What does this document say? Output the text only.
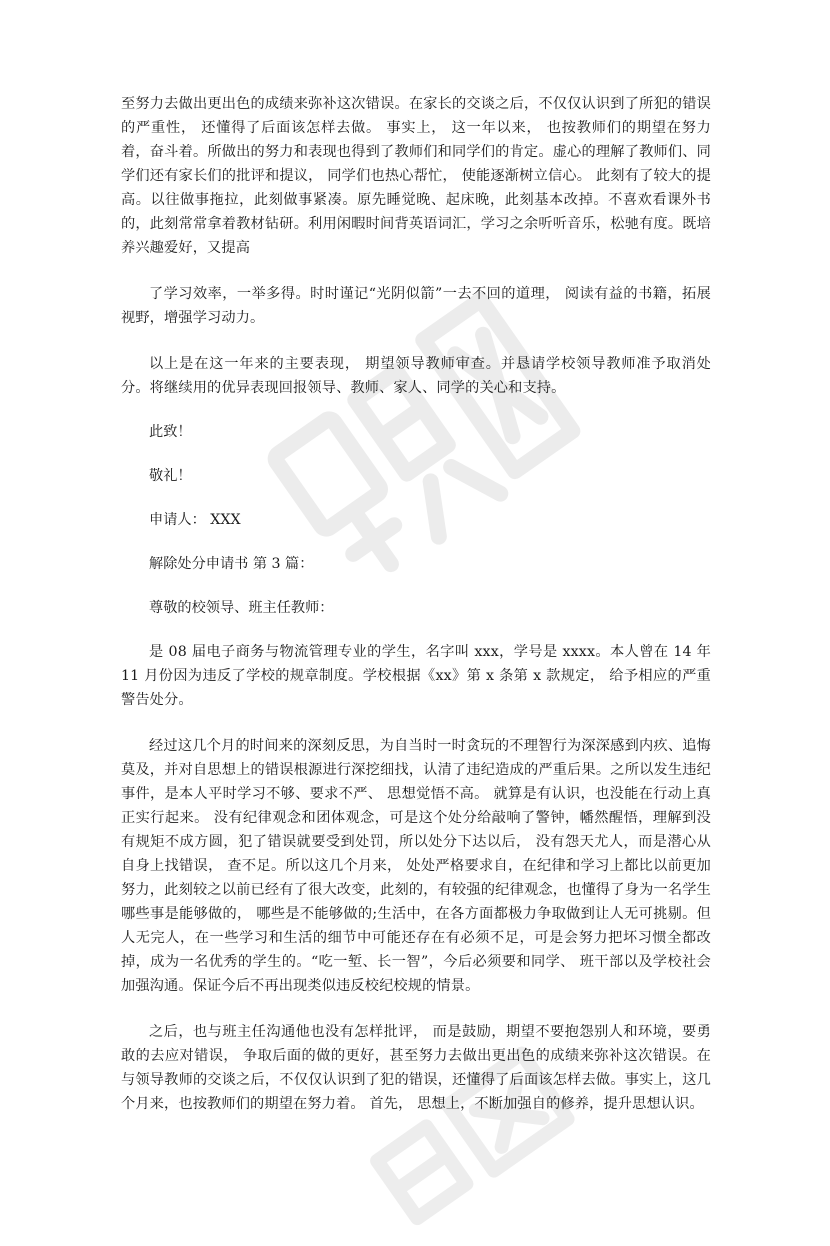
至努力去做出更出色的成绩来弥补这次错误。在家长的交谈之后，不仅仅认识到了所犯的错误的严重性， 还懂得了后面该怎样去做。 事实上， 这一年以来， 也按教师们的期望在努力着，奋斗着。所做出的努力和表现也得到了教师们和同学们的肯定。虚心的理解了教师们、同学们还有家长们的批评和提议， 同学们也热心帮忙， 使能逐渐树立信心。 此刻有了较大的提高。以往做事拖拉，此刻做事紧凑。原先睡觉晚、起床晚，此刻基本改掉。不喜欢看课外书的，此刻常常拿着教材钻研。利用闲暇时间背英语词汇，学习之余听听音乐，松驰有度。既培养兴趣爱好，又提高

了学习效率，一举多得。时时谨记“光阴似箭”一去不回的道理， 阅读有益的书籍，拓展视野，增强学习动力。

以上是在这一年来的主要表现， 期望领导教师审查。并恳请学校领导教师准予取消处分。将继续用的优异表现回报领导、教师、家人、同学的关心和支持。

此致！

敬礼！

申请人： XXX

解除处分申请书 第 3 篇：

尊敬的校领导、班主任教师：

是 08 届电子商务与物流管理专业的学生，名字叫 xxx，学号是 xxxx。本人曾在 14 年 11 月份因为违反了学校的规章制度。学校根据《xx》第 x 条第 x 款规定， 给予相应的严重警告处分。

经过这几个月的时间来的深刻反思，为自当时一时贪玩的不理智行为深深感到内疚、追悔莫及，并对自思想上的错误根源进行深挖细找，认清了违纪造成的严重后果。之所以发生违纪事件，是本人平时学习不够、要求不严、 思想觉悟不高。 就算是有认识，也没能在行动上真正实行起来。 没有纪律观念和团体观念，可是这个处分给敲响了警钟，幡然醒悟，理解到没有规矩不成方圆，犯了错误就要受到处罚，所以处分下达以后， 没有怨天尤人，而是潜心从自身上找错误， 查不足。所以这几个月来， 处处严格要求自，在纪律和学习上都比以前更加努力，此刻较之以前已经有了很大改变，此刻的，有较强的纪律观念，也懂得了身为一名学生哪些事是能够做的， 哪些是不能够做的;生活中，在各方面都极力争取做到让人无可挑剔。但人无完人，在一些学习和生活的细节中可能还存在有必须不足，可是会努力把坏习惯全都改掉，成为一名优秀的学生的。“吃一堑、长一智”，今后必须要和同学、 班干部以及学校社会加强沟通。保证今后不再出现类似违反校纪校规的情景。

之后，也与班主任沟通他也没有怎样批评， 而是鼓励，期望不要抱怨别人和环境，要勇敢的去应对错误， 争取后面的做的更好，甚至努力去做出更出色的成绩来弥补这次错误。在与领导教师的交谈之后，不仅仅认识到了犯的错误，还懂得了后面该怎样去做。事实上，这几个月来，也按教师们的期望在努力着。 首先， 思想上，不断加强自的修养，提升思想认识。
